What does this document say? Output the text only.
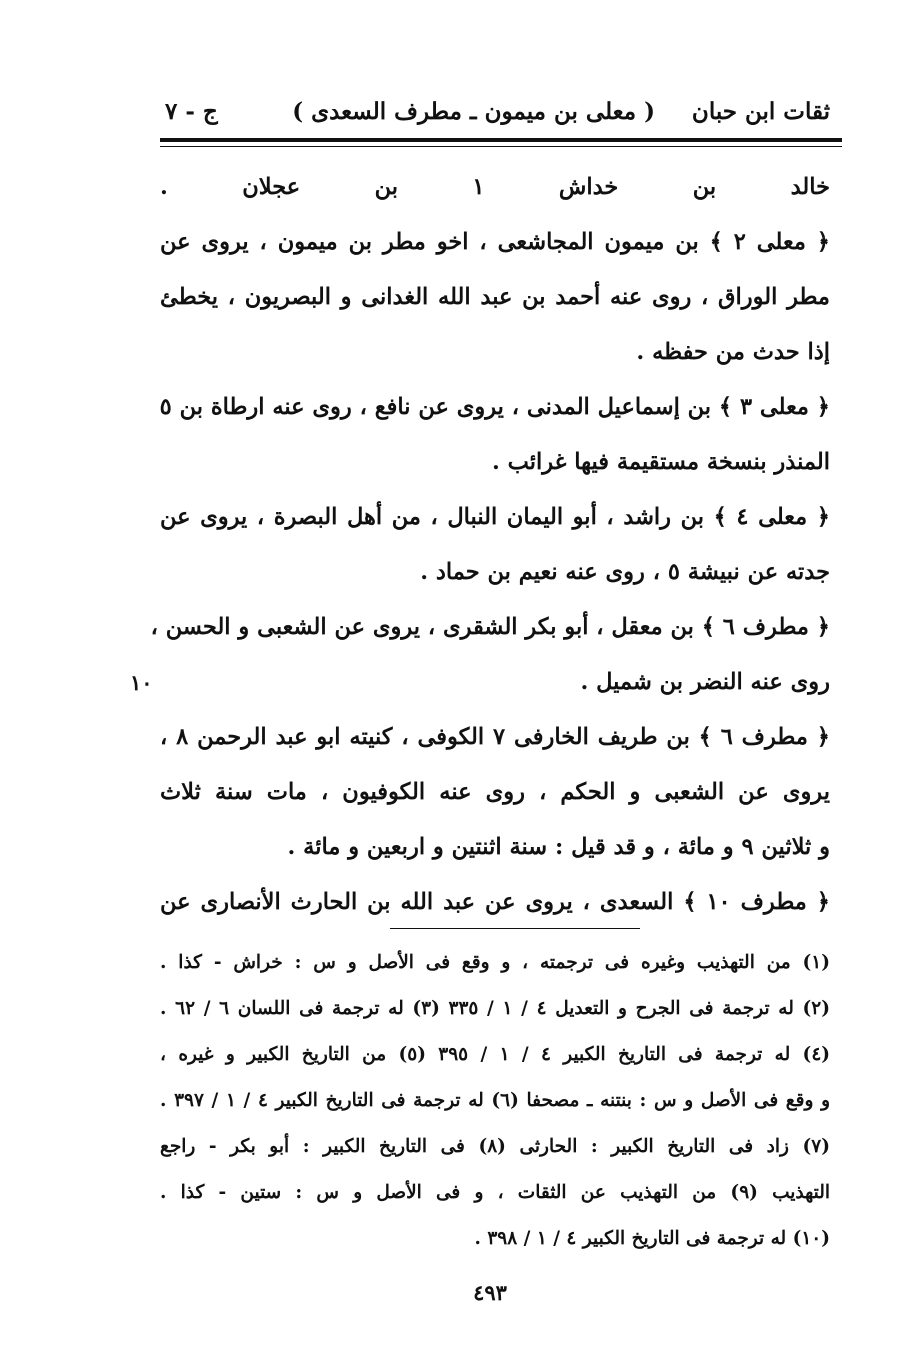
ثقات ابن حبان
( معلى بن ميمون ـ مطرف السعدى )
ج - ٧
خالد بن خداش ١ بن عجلان .
﴿ معلى ٢ ﴾ بن ميمون المجاشعى ، اخو مطر بن ميمون ، يروى عن
مطر الوراق ، روى عنه أحمد بن عبد الله الغدانى و البصريون ، يخطئ
إذا حدث من حفظه .
﴿ معلى ٣ ﴾ بن إسماعيل المدنى ، يروى عن نافع ، روى عنه ارطاة بن ٥
المنذر بنسخة مستقيمة فيها غرائب .
﴿ معلى ٤ ﴾ بن راشد ، أبو اليمان النبال ، من أهل البصرة ، يروى عن
جدته عن نبيشة ٥ ، روى عنه نعيم بن حماد .
﴿ مطرف ٦ ﴾ بن معقل ، أبو بكر الشقرى ، يروى عن الشعبى و الحسن ،
روى عنه النضر بن شميل .
١٠
﴿ مطرف ٦ ﴾ بن طريف الخارفى ٧ الكوفى ، كنيته ابو عبد الرحمن ٨ ،
يروى عن الشعبى و الحكم ، روى عنه الكوفيون ، مات سنة ثلاث
و ثلاثين ٩ و مائة ، و قد قيل : سنة اثنتين و اربعين و مائة .
﴿ مطرف ١٠ ﴾ السعدى ، يروى عن عبد الله بن الحارث الأنصارى عن
(١) من التهذيب وغيره فى ترجمته ، و وقع فى الأصل و س : خراش - كذا .
(٢) له ترجمة فى الجرح و التعديل ٤ / ١ / ٣٣٥ (٣) له ترجمة فى اللسان ٦ / ٦٢ .
(٤) له ترجمة فى التاريخ الكبير ٤ / ١ / ٣٩٥ (٥) من التاريخ الكبير و غيره ،
و وقع فى الأصل و س : بنتنه ـ مصحفا (٦) له ترجمة فى التاريخ الكبير ٤ / ١ / ٣٩٧ .
(٧) زاد فى التاريخ الكبير : الحارثى (٨) فى التاريخ الكبير : أبو بكر - راجع
التهذيب (٩) من التهذيب عن الثقات ، و فى الأصل و س : ستين - كذا .
(١٠) له ترجمة فى التاريخ الكبير ٤ / ١ / ٣٩٨ .
٤٩٣
